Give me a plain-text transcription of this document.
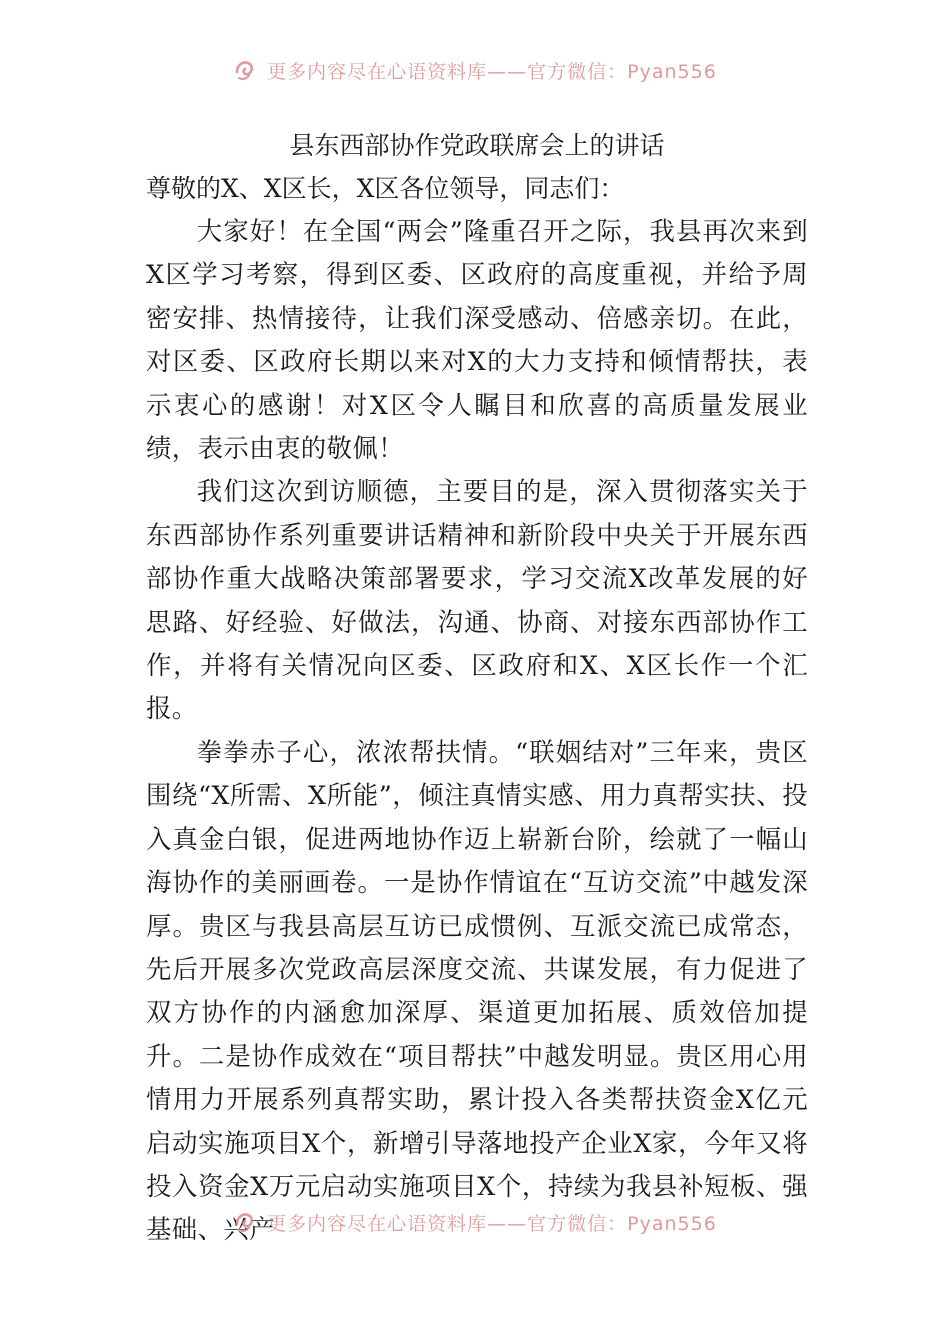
更多内容尽在心语资料库——官方微信：Pyan556
县东西部协作党政联席会上的讲话

尊敬的X、X区长，X区各位领导，同志们：

大家好！在全国“两会”隆重召开之际，我县再次来到X区学习考察，得到区委、区政府的高度重视，并给予周密安排、热情接待，让我们深受感动、倍感亲切。在此，对区委、区政府长期以来对X的大力支持和倾情帮扶，表示衷心的感谢！对X区令人瞩目和欣喜的高质量发展业绩，表示由衷的敬佩！

我们这次到访顺德，主要目的是，深入贯彻落实关于东西部协作系列重要讲话精神和新阶段中央关于开展东西部协作重大战略决策部署要求，学习交流X改革发展的好思路、好经验、好做法，沟通、协商、对接东西部协作工作，并将有关情况向区委、区政府和X、X区长作一个汇报。

拳拳赤子心，浓浓帮扶情。“联姻结对”三年来，贵区围绕“X所需、X所能”，倾注真情实感、用力真帮实扶、投入真金白银，促进两地协作迈上崭新台阶，绘就了一幅山海协作的美丽画卷。一是协作情谊在“互访交流”中越发深厚。贵区与我县高层互访已成惯例、互派交流已成常态，先后开展多次党政高层深度交流、共谋发展，有力促进了双方协作的内涵愈加深厚、渠道更加拓展、质效倍加提升。二是协作成效在“项目帮扶”中越发明显。贵区用心用情用力开展系列真帮实助，累计投入各类帮扶资金X亿元启动实施项目X个，新增引导落地投产企业X家，今年又将投入资金X万元启动实施项目X个，持续为我县补短板、强基础、兴产

更多内容尽在心语资料库——官方微信：Pyan556
